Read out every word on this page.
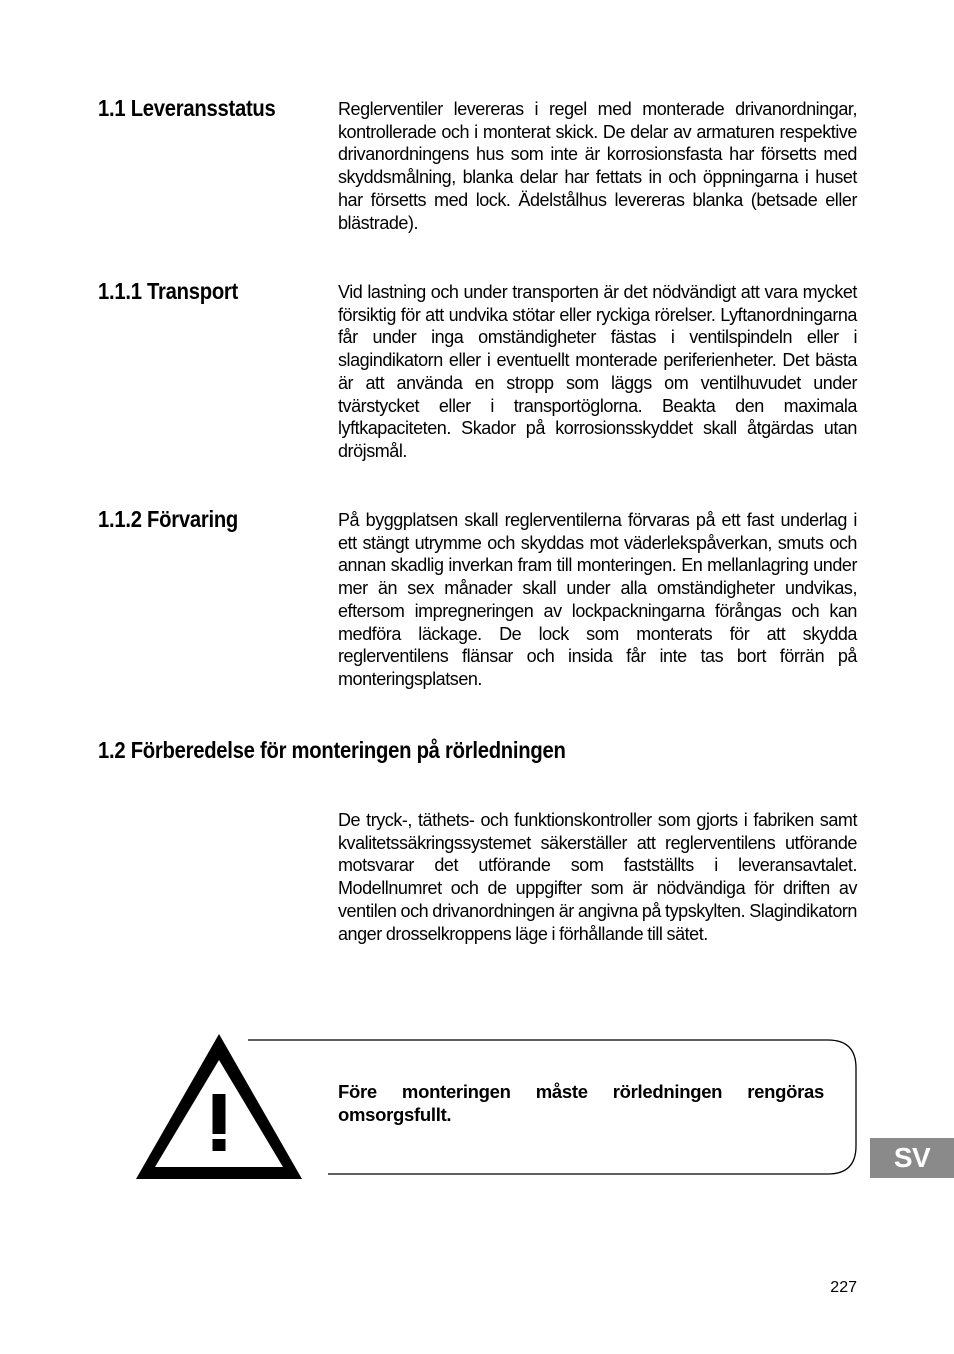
1.1 Leveransstatus	Reglerventiler levereras i regel med monterade drivanordningar, kontrollerade och i monterat skick. De delar av armaturen respektive drivanordningens hus som inte är korrosionsfasta har försetts med skyddsmålning, blanka delar har fettats in och öppningarna i huset har försetts med lock. Ädelstålhus levereras blanka (betsade eller blästrade).

1.1.1 Transport	Vid lastning och under transporten är det nödvändigt att vara mycket försiktig för att undvika stötar eller ryckiga rörelser. Lyftanordningarna får under inga omständigheter fästas i ventilspindeln eller i slagindikatorn eller i eventuellt monterade periferienheter. Det bästa är att använda en stropp som läggs om ventilhuvudet under tvärstycket eller i transportöglorna. Beakta den maximala lyftkapaciteten. Skador på korrosionsskyddet skall åtgärdas utan dröjsmål.

1.1.2 Förvaring	På byggplatsen skall reglerventilerna förvaras på ett fast underlag i ett stängt utrymme och skyddas mot väderlekspåverkan, smuts och annan skadlig inverkan fram till monteringen. En mellanlagring under mer än sex månader skall under alla omständigheter undvikas, eftersom impregneringen av lockpackningarna förångas och kan medföra läckage. De lock som monterats för att skydda reglerventilens flänsar och insida får inte tas bort förrän på monteringsplatsen.

1.2 Förberedelse för monteringen på rörledningen

De tryck-, täthets- och funktionskontroller som gjorts i fabriken samt kvalitetssäkringssystemet säkerställer att reglerventilens utförande motsvarar det utförande som fastställts i leveransavtalet. Modellnumret och de uppgifter som är nödvändiga för driften av ventilen och drivanordningen är angivna på typskylten. Slagindikatorn anger drosselkroppens läge i förhållande till sätet.

Före monteringen måste rörledningen rengöras omsorgsfullt.

SV
227
